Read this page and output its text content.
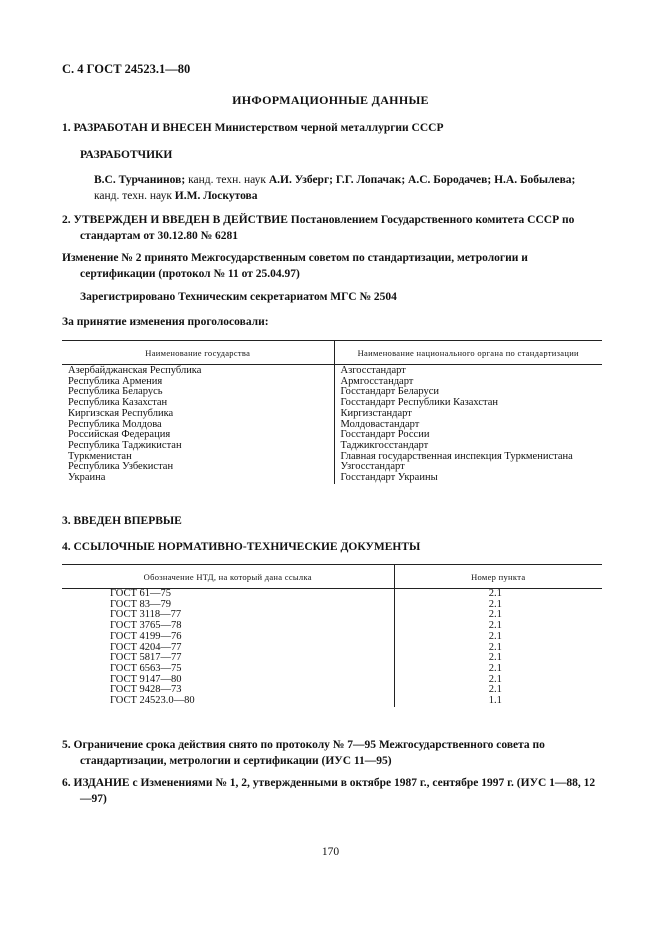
С. 4 ГОСТ 24523.1—80
ИНФОРМАЦИОННЫЕ ДАННЫЕ
1. РАЗРАБОТАН И ВНЕСЕН Министерством черной металлургии СССР
РАЗРАБОТЧИКИ
В.С. Турчанинов; канд. техн. наук А.И. Узберг; Г.Г. Лопачак; А.С. Бородачев; Н.А. Бобылева; канд. техн. наук И.М. Лоскутова
2. УТВЕРЖДЕН И ВВЕДЕН В ДЕЙСТВИЕ Постановлением Государственного комитета СССР по стандартам от 30.12.80 № 6281
Изменение № 2 принято Межгосударственным советом по стандартизации, метрологии и сертификации (протокол № 11 от 25.04.97)
Зарегистрировано Техническим секретариатом МГС № 2504
За принятие изменения проголосовали:
Наименование государства	Наименование национального органа по стандартизации
Азербайджанская Республика	Азгосстандарт
Республика Армения	Армгосстандарт
Республика Беларусь	Госстандарт Беларуси
Республика Казахстан	Госстандарт Республики Казахстан
Киргизская Республика	Киргизстандарт
Республика Молдова	Молдовастандарт
Российская Федерация	Госстандарт России
Республика Таджикистан	Таджикгосстандарт
Туркменистан	Главная государственная инспекция Туркменистана
Республика Узбекистан	Узгосстандарт
Украина	Госстандарт Украины
3. ВВЕДЕН ВПЕРВЫЕ
4. ССЫЛОЧНЫЕ НОРМАТИВНО-ТЕХНИЧЕСКИЕ ДОКУМЕНТЫ
Обозначение НТД, на который дана ссылка	Номер пункта
ГОСТ 61—75	2.1
ГОСТ 83—79	2.1
ГОСТ 3118—77	2.1
ГОСТ 3765—78	2.1
ГОСТ 4199—76	2.1
ГОСТ 4204—77	2.1
ГОСТ 5817—77	2.1
ГОСТ 6563—75	2.1
ГОСТ 9147—80	2.1
ГОСТ 9428—73	2.1
ГОСТ 24523.0—80	1.1
5. Ограничение срока действия снято по протоколу № 7—95 Межгосударственного совета по стандартизации, метрологии и сертификации (ИУС 11—95)
6. ИЗДАНИЕ с Изменениями № 1, 2, утвержденными в октябре 1987 г., сентябре 1997 г. (ИУС 1—88, 12—97)
170
